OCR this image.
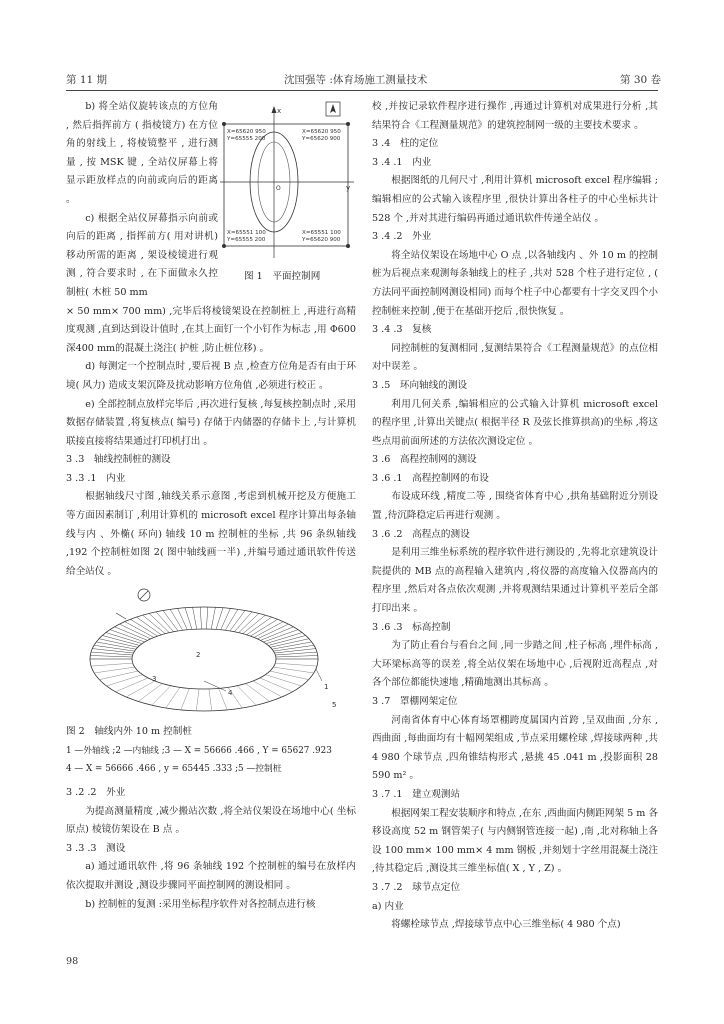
第 11 期	沈国强等 :体育场施工测量技术	第 30 卷
X=65620 950
Y=65555 200
X=65620 950
Y=65620 900
X=65551 100
Y=65555 200
X=65551 100
Y=65620 900
x
y
O
图 1　平面控制网

b) 将全站仪旋转该点的方位角 , 然后指挥前方 ( 指棱镜方) 在方位角的射线上 , 将棱镜整平 , 进行测量 , 按 MSK 键 , 全站仪屏幕上将显示距放样点的向前或向后的距离 。

c) 根据全站仪屏幕指示向前或向后的距离 , 指挥前方( 用对讲机) 移动所需的距离 , 架设棱镜进行观测 , 符合要求时 , 在下面做永久控制桩( 木桩 50 mm

× 50 mm× 700 mm) ,完毕后将棱镜架设在控制桩上 ,再进行高精度观测 ,直到达到设计值时 ,在其上面钉一个小钉作为标志 ,用 Φ600 深400 mm的混凝土浇注( 护桩 ,防止桩位移) 。

d) 每测定一个控制点时 ,要后视 B 点 ,检查方位角是否有由于环境( 风力) 造成支架沉降及扰动影响方位角值 ,必须进行校正 。

e) 全部控制点放样完毕后 ,再次进行复核 ,每复核控制点时 ,采用数据存储装置 ,将复核点( 编号) 存储于内储器的存储卡上 ,与计算机联接直接将结果通过打印机打出 。

3 .3　轴线控制桩的测设

3 .3 .1　内业

根据轴线尺寸图 ,轴线关系示意图 ,考虑到机械开挖及方便施工等方面因素制订 ,利用计算机的 microsoft excel 程序计算出每条轴线与内 、外椭( 环向) 轴线 10 m 控制桩的坐标 ,共 96 条纵轴线 ,192 个控制桩如图 2( 图中轴线画一半) ,并编号通过通讯软件传送给全站仪 。

1
2
3
4
5

图 2　轴线内外 10 m 控制桩

1 —外轴线 ;2 —内轴线 ;3 — X = 56666 .466 , Y = 65627 .923

4 — X = 56666 .466 , y = 65445 .333 ;5 —控制桩

3 .2 .2　外业

为提高测量精度 ,减少搬站次数 ,将全站仪架设在场地中心( 坐标原点) 棱镜仿架设在 B 点 。

3 .3 .3　测设

a) 通过通讯软件 ,将 96 条轴线 192 个控制桩的编号在放样内依次提取并测设 ,测设步骤同平面控制网的测设相同 。

b) 控制桩的复测 :采用坐标程序软件对各控制点进行核

校 ,并按记录软件程序进行操作 ,再通过计算机对成果进行分析 ,其结果符合《工程测量规范》的建筑控制网一级的主要技术要求 。

3 .4　柱的定位

3 .4 .1　内业

根据图纸的几何尺寸 ,利用计算机 microsoft excel 程序编辑 ;编辑相应的公式输入该程序里 ,很快计算出各柱子的中心坐标共计 528 个 ,并对其进行编码再通过通讯软件传递全站仪 。

3 .4 .2　外业

将全站仪架设在场地中心 O 点 ,以各轴线内 、外 10 m 的控制桩为后视点来观测每条轴线上的柱子 ,共对 528 个柱子进行定位 , ( 方法同平面控制网测设相同) 而每个柱子中心都要有十字交叉四个小控制桩来控制 ,便于在基础开挖后 ,很快恢复 。

3 .4 .3　复核

同控制桩的复测相同 ,复测结果符合《工程测量规范》的点位相对中误差 。

3 .5　环向轴线的测设

利用几何关系 ,编辑相应的公式输入计算机 microsoft excel 的程序里 ,计算出关键点( 根据半径 R 及弦长推算拱高)的坐标 ,将这些点用前面所述的方法依次测设定位 。

3 .6　高程控制网的测设

3 .6 .1　高程控制网的布设

布设成环线 ,精度二等 , 围绕省体育中心 ,拱角基础附近分别设置 ,待沉降稳定后再进行观测 。

3 .6 .2　高程点的测设

是利用三维坐标系统的程序软件进行测设的 ,先将北京建筑设计院提供的 MB 点的高程输入建筑内 ,将仪器的高度输入仪器高内的程序里 ,然后对各点依次观测 ,并将观测结果通过计算机平差后全部打印出来 。

3 .6 .3　标高控制

为了防止看台与看台之间 ,同一步踏之间 ,柱子标高 ,埋件标高 ,大环梁标高等的误差 ,将全站仪架在场地中心 ,后视附近高程点 ,对各个部位都能快速地 ,精确地测出其标高 。

3 .7　罩棚网架定位

河南省体育中心体育场罩棚跨度属国内首跨 ,呈双曲面 ,分东 ,西曲面 ,每曲面均有十幅网架组成 ,节点采用螺栓球 ,焊接球两种 ,共 4 980 个球节点 ,四角锥结构形式 ,悬挑 45 .041 m ,投影面积 28 590 m² 。

3 .7 .1　建立观测站

根据网架工程安装顺序和特点 ,在东 ,西曲面内侧距网架 5 m 各移设高度 52 m 钢管架子( 与内侧钢管连接一起) ,南 ,北对称轴上各设 100 mm× 100 mm× 4 mm 钢板 ,并刻划十字丝用混凝土浇注 ,待其稳定后 ,测设其三维坐标值( X , Y , Z) 。

3 .7 .2　球节点定位

a) 内业

将螺栓球节点 ,焊接球节点中心三维坐标( 4 980 个点)

98
